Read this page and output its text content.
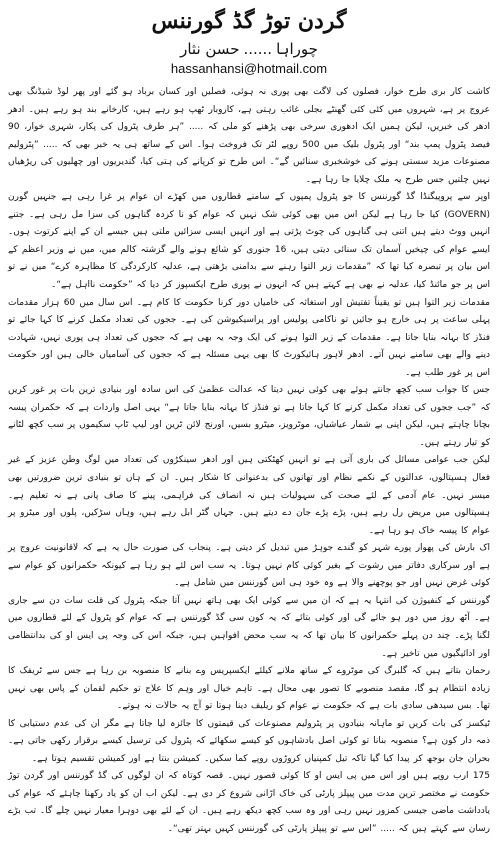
گردن توڑ گڈ گورننس
چوراہا......حسن نثار
hassanhansi@hotmail.com

کاشت کار بری طرح خوار، فصلوں کی لاگت بھی پوری نہ ہوئی، فصلیں اور کسان برباد ہو گئے اور پھر لوڈ شیڈنگ بھی عروج پر ہے، شہروں میں کئی کئی گھنٹے بجلی غائب رہتی ہے، کاروبار ٹھپ ہو رہے ہیں، کارخانے بند ہو رہے ہیں۔ ادھر ادھر کی خبریں، لیکن ہمیں ایک ادھوری سرخی بھی پڑھنے کو ملی کہ ..... ”ہر طرف پٹرول کی پکار، شہری خوار، 90 فیصد پٹرول پمپ بند“ اور پٹرول بلیک میں 500 روپے لٹر تک فروخت ہوا۔ اس کے ساتھ ہی یہ خبر بھی کہ ..... ”پٹرولیم مصنوعات مزید سستی ہونے کی خوشخبری سنائیں گے“۔ اس طرح تو کرپانے کی ہتی کیا، گندیریوں اور چھلیوں کی ریڑھیاں نہیں چلتیں جس طرح یہ ملک چلایا جا رہا ہے۔

اوپر سے پروپیگنڈا گڈ گورننس کا جو پٹرول پمپوں کے سامنے قطاروں میں کھڑے ان عوام پر غرا رہی ہے جنہیں گورن (GOVERN) کیا جا رہا ہے لیکن اس میں بھی کوئی شک نہیں کہ عوام کو نا کردہ گناہوں کی سزا مل رہی ہے۔ جتنے انہیں ووٹ دیتے ہیں اتنی ہی گناہوں کی چوٹ پڑتی ہے اور انہیں ایسی سزائیں ملتی ہیں جیسے ان کے اپنے کرتوت ہوں۔ ایسے عوام کی چیخیں آسمان تک سنائی دیتی ہیں، 16 جنوری کو شائع ہونے والے گزشتہ کالم میں، میں نے وزیر اعظم کے اس بیان پر تبصرہ کیا تھا کہ ”مقدمات زیر التوا رہنے سے بدامنی بڑھتی ہے، عدلیہ کارکردگی کا مظاہرہ کرے“ میں نے تو اس پر جو مائنڈ کیا، عدلیہ نے بھی ہے کہتے ہیں کہ انہوں نے پوری طرح ایکسپوز کر دیا کہ ”حکومت نااہل ہے“۔

مقدمات زیر التوا ہیں تو یقیناً تفتیش اور استغاثہ کی خامیاں دور کرنا حکومت کا کام ہے۔ اس سال میں 60 ہزار مقدمات پہلی ساعت پر ہی خارج ہو جائیں تو ناکامی پولیس اور پراسیکیوشن کی ہے۔ ججوں کی تعداد مکمل کرنے کا کہا جائے تو فنڈز کا بہانہ بنایا جاتا ہے۔ مقدمات کے زیر التوا ہونے کی ایک وجہ یہ بھی ہے کہ ججوں کی تعداد ہی پوری نہیں، شہادت دینے والے بھی سامنے نہیں آتے۔ ادھر لاہور ہائیکورٹ کا بھی یہی مسئلہ ہے کہ ججوں کی آسامیاں خالی ہیں اور حکومت اس پر غور طلب ہے۔

جس کا جواب سب کچھ جانتے ہوئے بھی کوئی نہیں دیتا کہ عدالت عظمیٰ کی اس سادہ اور بنیادی ترین بات پر غور کریں کہ ”جب ججوں کی تعداد مکمل کرنے کا کہا جاتا ہے تو فنڈز کا بہانہ بنایا جاتا ہے“ یہی اصل واردات ہے کہ حکمران پیسہ بچانا چاہتے ہیں، لیکن اپنی بے شمار عیاشیاں، موٹرویز، میٹرو بسیں، اورنج لائن ٹرین اور لیپ ٹاپ سکیموں پر سب کچھ لٹانے کو تیار رہتے ہیں۔

لیکن جب عوامی مسائل کی باری آتی ہے تو انہیں کھٹکتی ہیں اور ادھر سینکڑوں کی تعداد میں لوگ وطن عزیز کے غیر فعال ہسپتالوں، عدالتوں کے نکمے نظام اور تھانوں کی بدعنوانی کا شکار ہیں۔ ان کے ہاں تو بنیادی ترین ضرورتیں بھی میسر نہیں۔ عام آدمی کے لئے صحت کی سہولیات ہیں نہ انصاف کی فراہمی، پینے کا صاف پانی ہے نہ تعلیم ہے۔ ہسپتالوں میں مریض رل رہے ہیں، پڑے پڑے جان دے دیتے ہیں۔ جہاں گٹر ابل رہے ہیں، وہاں سڑکیں، پلوں اور میٹرو پر عوام کا پیسہ خاک ہو رہا ہے۔

اک بارش کی پھوار پورے شہر کو گندے جوہڑ میں تبدیل کر دیتی ہے۔ پنجاب کی صورت حال یہ ہے کہ لاقانونیت عروج پر ہے اور سرکاری دفاتر میں رشوت کے بغیر کوئی کام نہیں ہوتا۔ یہ سب اس لئے ہو رہا ہے کیونکہ حکمرانوں کو عوام سے کوئی غرض نہیں اور جو پوچھنے والا ہے وہ خود ہی اس گورننس میں شامل ہے۔

گورننس کے کنفیوژن کی انتہا یہ ہے کہ ان میں سے کوئی ایک بھی ہاتھ نہیں آتا جبکہ پٹرول کی قلت سات دن سے جاری ہے۔ آٹھ روز میں دور ہو جائے گی اور کوئی بتائے کہ یہ کون سی گڈ گورننس ہے کہ عوام کو پٹرول کے لئے قطاروں میں لگنا پڑے۔ چند دن پہلے حکمرانوں کا بیان تھا کہ یہ سب محض افواہیں ہیں، جبکہ اس کی وجہ پی ایس او کی بدانتظامی اور ادائیگیوں میں تاخیر ہے۔

رحمان بتاتے ہیں کہ گلبرگ کی موٹروے کے ساتھ ملانے کیلئے ایکسپریس وے بنانے کا منصوبہ بن رہا ہے جس سے ٹریفک کا زیادہ انتظام ہو گا، مقصد منصوبے کا تصور بھی محال ہے۔ تاہم خیال اور وہم کا علاج تو حکیم لقمان کے پاس بھی نہیں تھا۔ بس سیدھی سادی بات ہے کہ حکومت نے عوام کو ریلیف دینا ہوتا تو آج یہ حالات نہ ہوتے۔

ٹیکسز کی بات کریں تو ماہانہ بنیادوں پر پٹرولیم مصنوعات کی قیمتوں کا جائزہ لیا جاتا ہے مگر ان کی عدم دستیابی کا ذمہ دار کون ہے؟ منصوبہ بنانا تو کوئی اصل بادشاہوں کو کیسے سکھائے کہ پٹرول کی ترسیل کیسے برقرار رکھی جاتی ہے۔ بحران جان بوجھ کر پیدا کیا گیا تاکہ تیل کمپنیاں کروڑوں روپے کما سکیں۔ کمیشن بنتا ہے اور کمیشن تقسیم ہوتا ہے۔

175 ارب روپے ہیں اور اس میں پی ایس او کا کوئی قصور نہیں۔ قصہ کوتاہ کہ ان لوگوں کی گڈ گورننس اور گردن توڑ حکومت نے مختصر ترین مدت میں پیپلز پارٹی کی خاک اڑانی شروع کر دی ہے۔ لیکن اب ان کو یاد رکھنا چاہئے کہ عوام کی یادداشت ماضی جیسی کمزور نہیں رہی اور وہ سب کچھ دیکھ رہے ہیں۔ ان کے لئے بھی دوہرا معیار نہیں چلے گا۔ تب بڑے رسان سے کہتے ہیں کہ ..... ”اس سے تو پیپلز پارٹی کی گورننس کہیں بہتر تھی“۔
